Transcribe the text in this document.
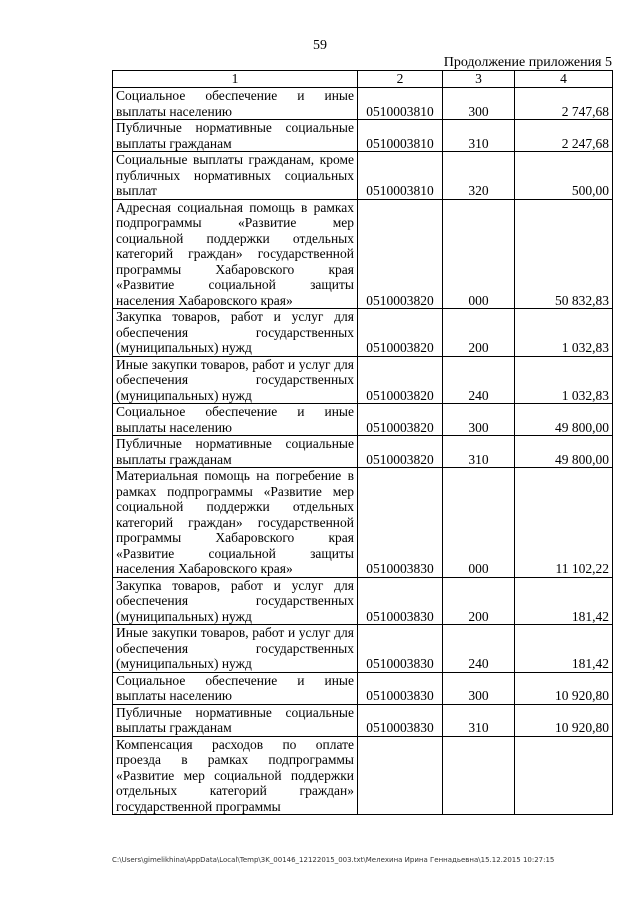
59
Продолжение приложения 5
1	2	3	4
Социальное обеспечение и иные выплаты населению	0510003810	300	2 747,68
Публичные нормативные социальные выплаты гражданам	0510003810	310	2 247,68
Социальные выплаты гражданам, кроме публичных нормативных социальных выплат	0510003810	320	500,00
Адресная социальная помощь в рамках подпрограммы «Развитие мер социальной поддержки отдельных категорий граждан» государственной программы Хабаровского края «Развитие социальной защиты населения Хабаровского края»	0510003820	000	50 832,83
Закупка товаров, работ и услуг для обеспечения государственных (муниципальных) нужд	0510003820	200	1 032,83
Иные закупки товаров, работ и услуг для обеспечения государственных (муниципальных) нужд	0510003820	240	1 032,83
Социальное обеспечение и иные выплаты населению	0510003820	300	49 800,00
Публичные нормативные социальные выплаты гражданам	0510003820	310	49 800,00
Материальная помощь на погребение в рамках подпрограммы «Развитие мер социальной поддержки отдельных категорий граждан» государственной программы Хабаровского края «Развитие социальной защиты населения Хабаровского края»	0510003830	000	11 102,22
Закупка товаров, работ и услуг для обеспечения государственных (муниципальных) нужд	0510003830	200	181,42
Иные закупки товаров, работ и услуг для обеспечения государственных (муниципальных) нужд	0510003830	240	181,42
Социальное обеспечение и иные выплаты населению	0510003830	300	10 920,80
Публичные нормативные социальные выплаты гражданам	0510003830	310	10 920,80
Компенсация расходов по оплате проезда в рамках подпрограммы «Развитие мер социальной поддержки отдельных категорий граждан» государственной программы			
C:\Users\gimelikhina\AppData\Local\Temp\3K_00146_12122015_003.txt\Мелехина Ирина Геннадьевна\15.12.2015 10:27:15
